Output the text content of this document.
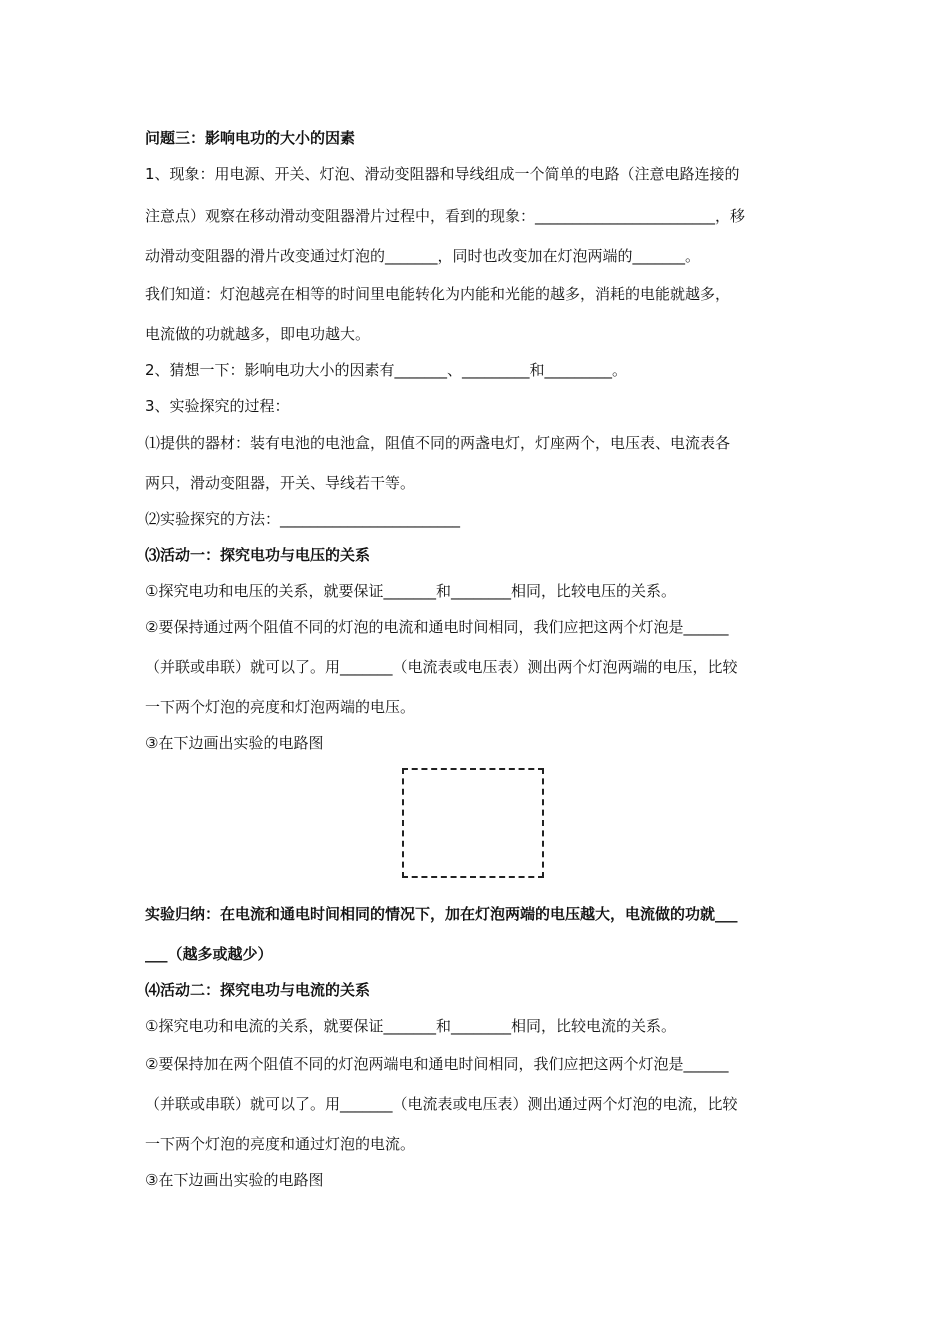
问题三：影响电功的大小的因素
1、现象：用电源、开关、灯泡、滑动变阻器和导线组成一个简单的电路（注意电路连接的
注意点）观察在移动滑动变阻器滑片过程中，看到的现象：________________________，移
动滑动变阻器的滑片改变通过灯泡的_______，同时也改变加在灯泡两端的_______。
我们知道：灯泡越亮在相等的时间里电能转化为内能和光能的越多，消耗的电能就越多，
电流做的功就越多，即电功越大。
2、猜想一下：影响电功大小的因素有_______、_________和_________。
3、实验探究的过程：
⑴提供的器材：装有电池的电池盒，阻值不同的两盏电灯，灯座两个，电压表、电流表各
两只，滑动变阻器，开关、导线若干等。
⑵实验探究的方法：________________________
⑶活动一：探究电功与电压的关系
①探究电功和电压的关系，就要保证_______和________相同，比较电压的关系。
②要保持通过两个阻值不同的灯泡的电流和通电时间相同，我们应把这两个灯泡是______
（并联或串联）就可以了。用_______（电流表或电压表）测出两个灯泡两端的电压，比较
一下两个灯泡的亮度和灯泡两端的电压。
③在下边画出实验的电路图
实验归纳：在电流和通电时间相同的情况下，加在灯泡两端的电压越大，电流做的功就___
___（越多或越少）
⑷活动二：探究电功与电流的关系
①探究电功和电流的关系，就要保证_______和________相同，比较电流的关系。
②要保持加在两个阻值不同的灯泡两端电和通电时间相同，我们应把这两个灯泡是______
（并联或串联）就可以了。用_______（电流表或电压表）测出通过两个灯泡的电流，比较
一下两个灯泡的亮度和通过灯泡的电流。
③在下边画出实验的电路图
